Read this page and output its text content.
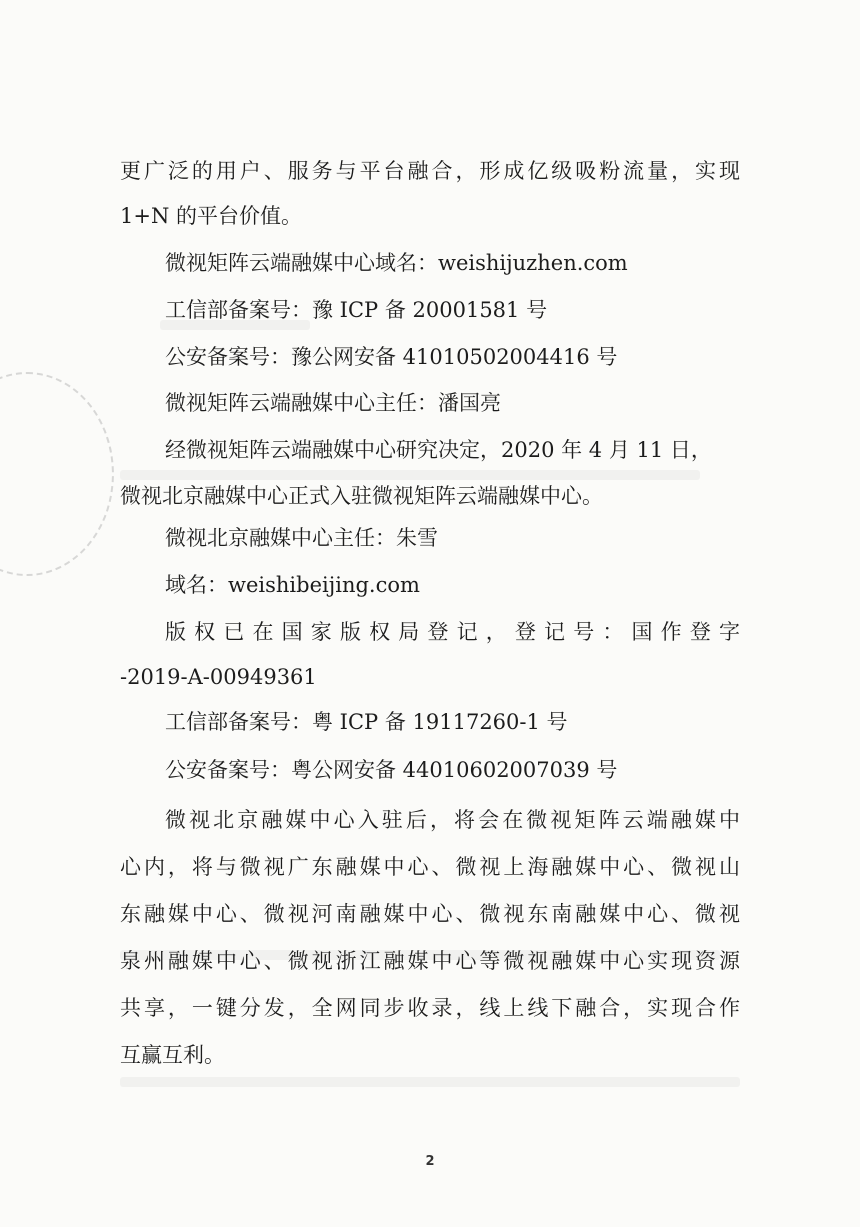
更广泛的用户、服务与平台融合，形成亿级吸粉流量，实现
1+N 的平台价值。
微视矩阵云端融媒中心域名：weishijuzhen.com
工信部备案号：豫 ICP 备 20001581 号
公安备案号：豫公网安备 41010502004416 号
微视矩阵云端融媒中心主任：潘国亮
经微视矩阵云端融媒中心研究决定，2020 年 4 月 11 日，
微视北京融媒中心正式入驻微视矩阵云端融媒中心。
微视北京融媒中心主任：朱雪
域名：weishibeijing.com
版权已在国家版权局登记，登记号：国作登字
-2019-A-00949361
工信部备案号：粤 ICP 备 19117260-1 号
公安备案号：粤公网安备 44010602007039 号
微视北京融媒中心入驻后，将会在微视矩阵云端融媒中
心内，将与微视广东融媒中心、微视上海融媒中心、微视山
东融媒中心、微视河南融媒中心、微视东南融媒中心、微视
泉州融媒中心、微视浙江融媒中心等微视融媒中心实现资源
共享，一键分发，全网同步收录，线上线下融合，实现合作
互赢互利。
2
